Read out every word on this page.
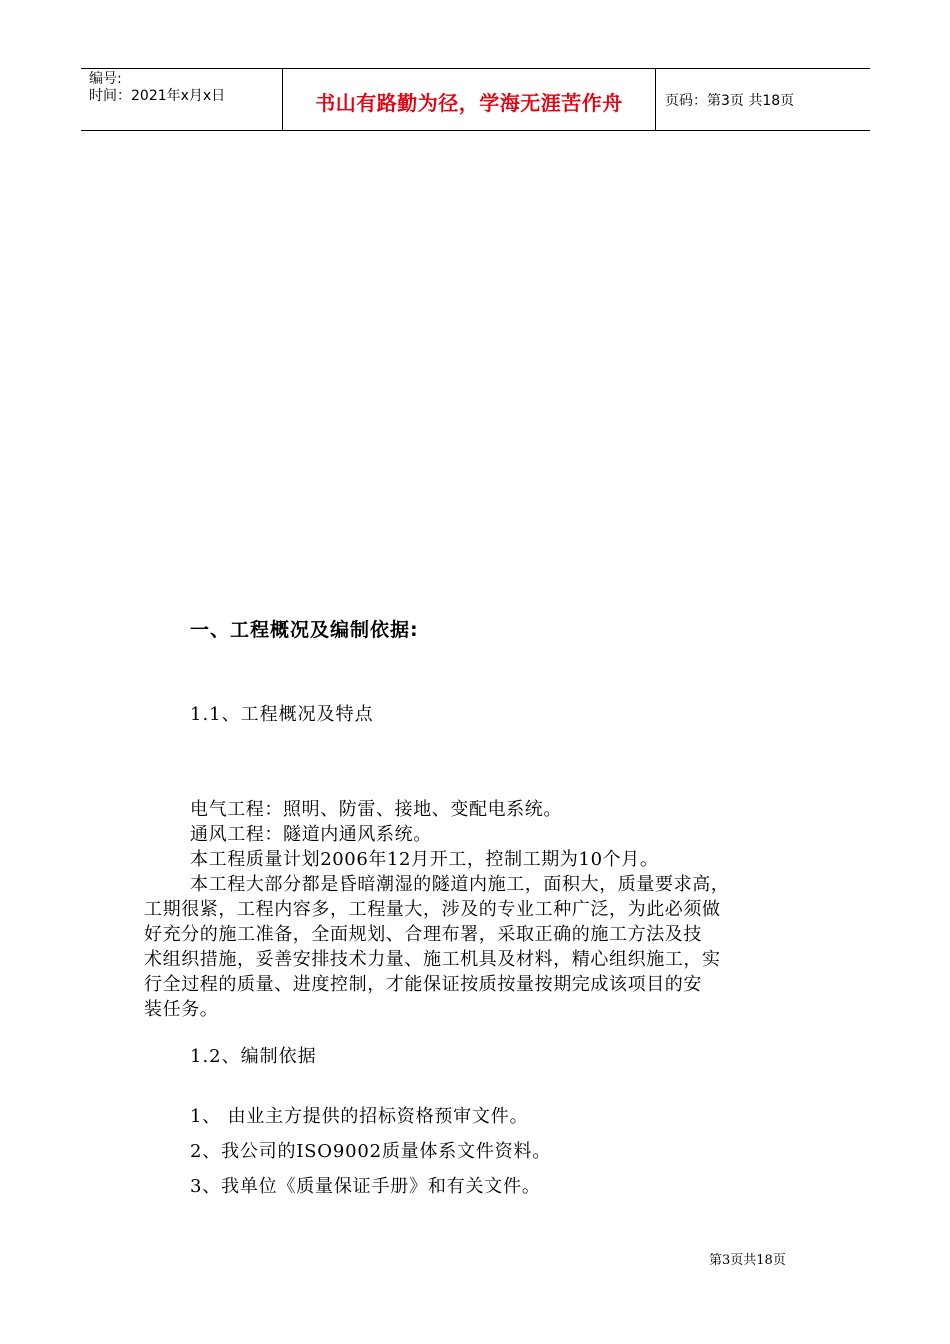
编号:
时间：2021年x月x日	书山有路勤为径，学海无涯苦作舟	页码：第3页 共18页
一、工程概况及编制依据:
1.1、工程概况及特点
电气工程：照明、防雷、接地、变配电系统。
通风工程：隧道内通风系统。
本工程质量计划2006年12月开工，控制工期为10个月。
本工程大部分都是昏暗潮湿的隧道内施工，面积大，质量要求高，
工期很紧，工程内容多，工程量大，涉及的专业工种广泛，为此必须做
好充分的施工准备，全面规划、合理布署，采取正确的施工方法及技
术组织措施，妥善安排技术力量、施工机具及材料，精心组织施工，实
行全过程的质量、进度控制，才能保证按质按量按期完成该项目的安
装任务。
1.2、编制依据
1、 由业主方提供的招标资格预审文件。
2、我公司的ISO9002质量体系文件资料。
3、我单位《质量保证手册》和有关文件。
第3页共18页
